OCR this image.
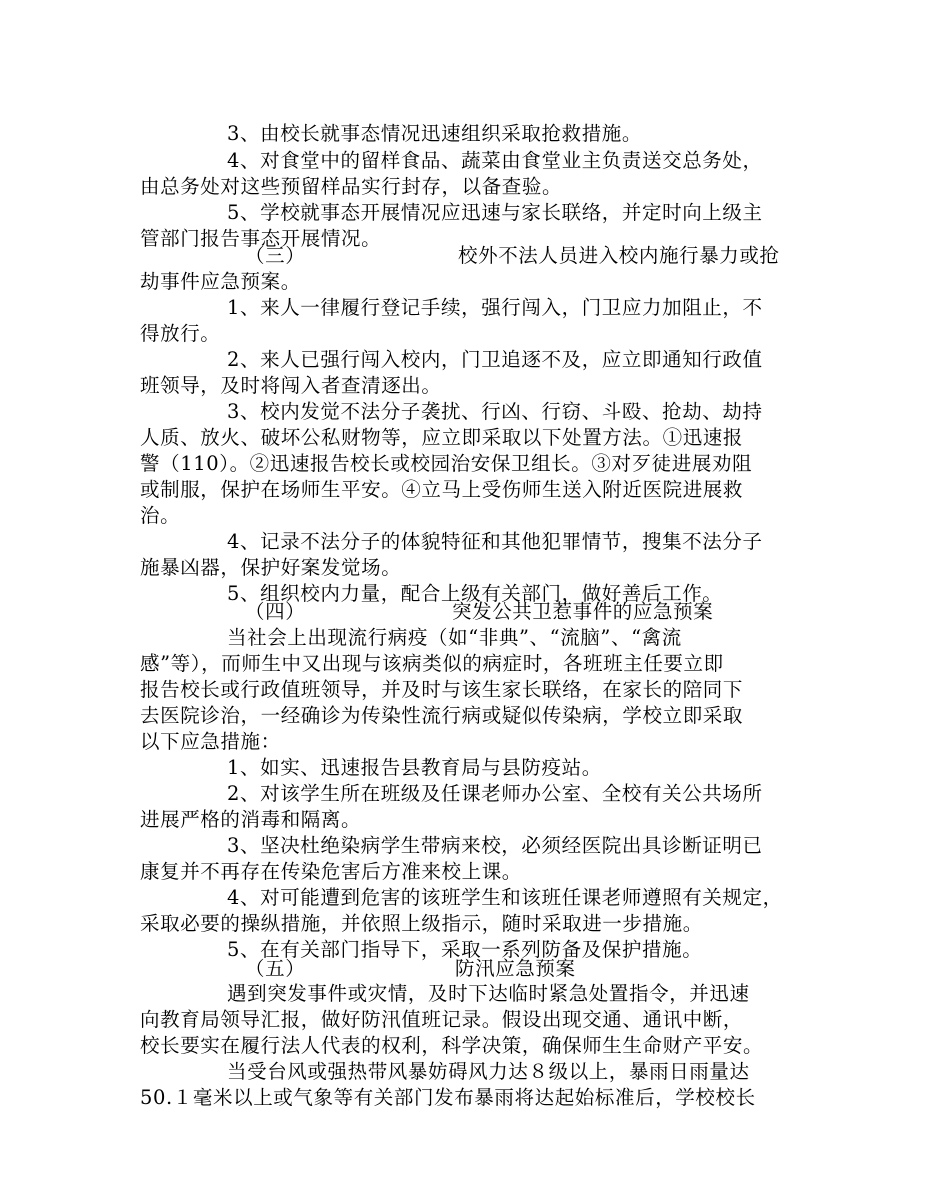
3、由校长就事态情况迅速组织采取抢救措施。
4、对食堂中的留样食品、蔬菜由食堂业主负责送交总务处，
由总务处对这些预留样品实行封存，以备查验。
5、学校就事态开展情况应迅速与家长联络，并定时向上级主
管部门报告事态开展情况。
（三）	校外不法人员进入校内施行暴力或抢
劫事件应急预案。
1、来人一律履行登记手续，强行闯入，门卫应力加阻止，不
得放行。
2、来人已强行闯入校内，门卫追逐不及，应立即通知行政值
班领导，及时将闯入者查清逐出。
3、校内发觉不法分子袭扰、行凶、行窃、斗殴、抢劫、劫持
人质、放火、破坏公私财物等，应立即采取以下处置方法。①迅速报
警（110）。②迅速报告校长或校园治安保卫组长。③对歹徒进展劝阻
或制服，保护在场师生平安。④立马上受伤师生送入附近医院进展救
治。
4、记录不法分子的体貌特征和其他犯罪情节，搜集不法分子
施暴凶器，保护好案发觉场。
5、组织校内力量，配合上级有关部门，做好善后工作。
（四）	突发公共卫惹事件的应急预案
当社会上出现流行病疫（如“非典”、“流脑”、“禽流
感”等），而师生中又出现与该病类似的病症时，各班班主任要立即
报告校长或行政值班领导，并及时与该生家长联络，在家长的陪同下
去医院诊治，一经确诊为传染性流行病或疑似传染病，学校立即采取
以下应急措施：
1、如实、迅速报告县教育局与县防疫站。
2、对该学生所在班级及任课老师办公室、全校有关公共场所
进展严格的消毒和隔离。
3、坚决杜绝染病学生带病来校，必须经医院出具诊断证明已
康复并不再存在传染危害后方准来校上课。
4、对可能遭到危害的该班学生和该班任课老师遵照有关规定，
采取必要的操纵措施，并依照上级指示，随时采取进一步措施。
5、在有关部门指导下，采取一系列防备及保护措施。
（五）	防汛应急预案
遇到突发事件或灾情，及时下达临时紧急处置指令，并迅速
向教育局领导汇报，做好防汛值班记录。假设出现交通、通讯中断，
校长要实在履行法人代表的权利，科学决策，确保师生生命财产平安。
当受台风或强热带风暴妨碍风力达８级以上，暴雨日雨量达
50.１毫米以上或气象等有关部门发布暴雨将达起始标准后，学校校长
